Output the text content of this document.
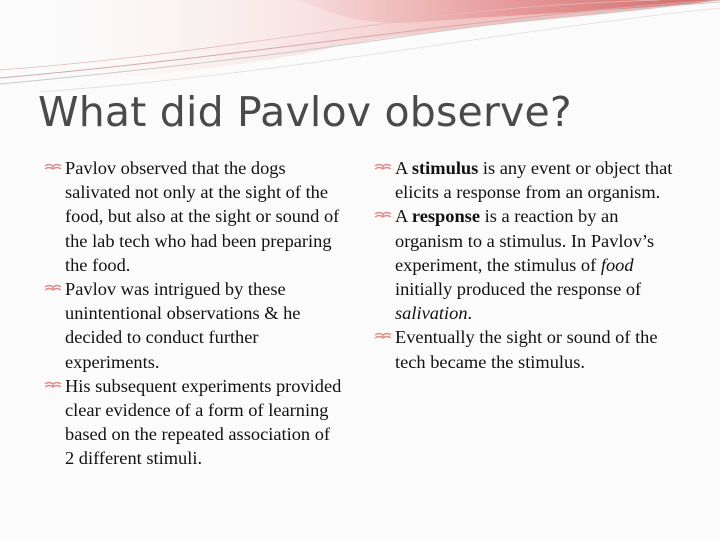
What did Pavlov observe?

Pavlov observed that the dogs salivated not only at the sight of the food, but also at the sight or sound of the lab tech who had been preparing the food.

Pavlov was intrigued by these unintentional observations & he decided to conduct further experiments.

His subsequent experiments provided clear evidence of a form of learning based on the repeated association of 2 different stimuli.

A stimulus is any event or object that elicits a response from an organism.

A response is a reaction by an organism to a stimulus. In Pavlov’s experiment, the stimulus of food initially produced the response of salivation.

Eventually the sight or sound of the tech became the stimulus.
